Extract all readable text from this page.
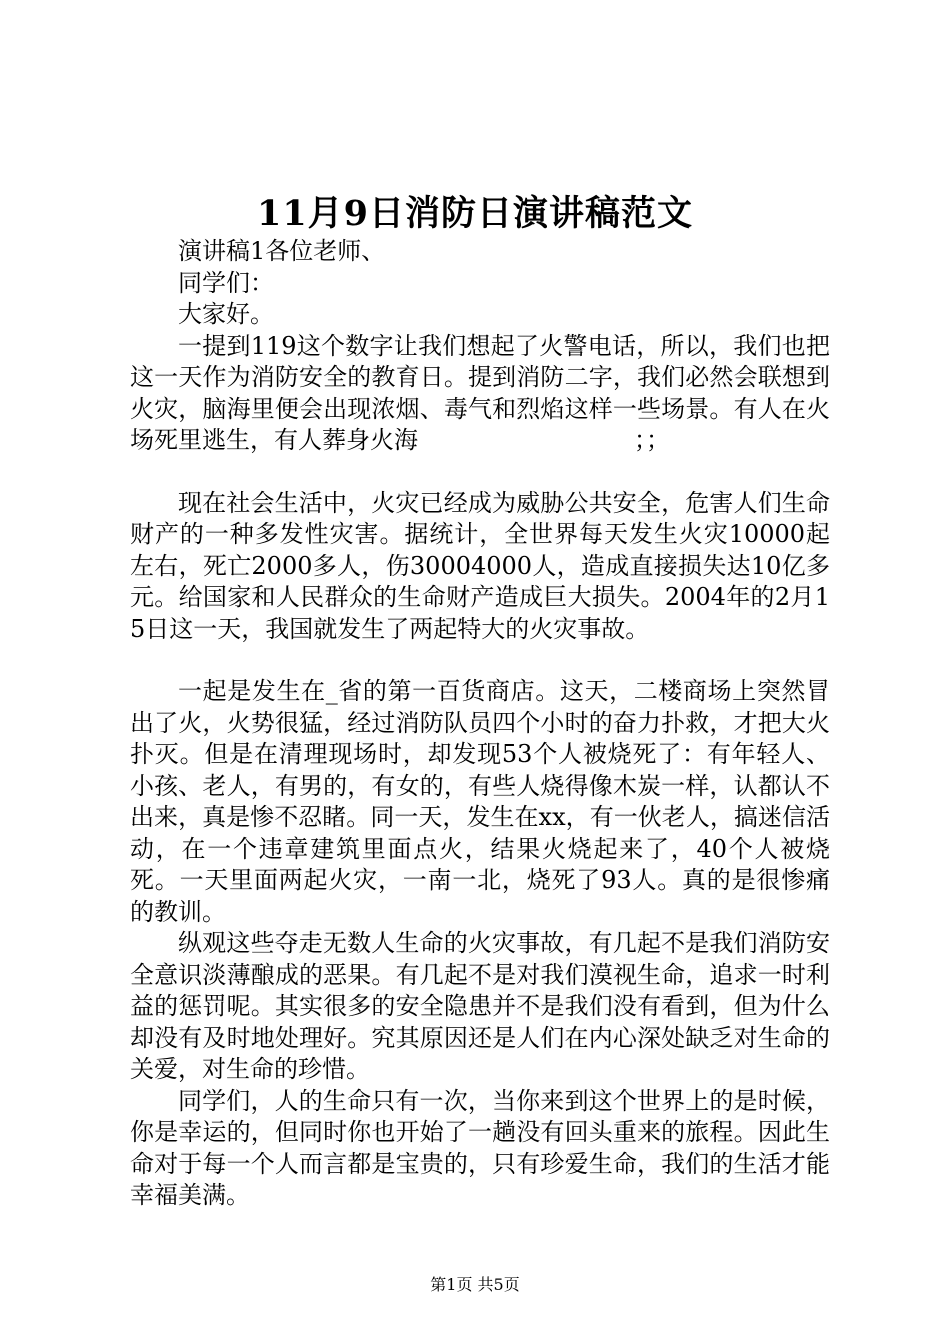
11月9日消防日演讲稿范文

演讲稿1各位老师、

同学们：

大家好。

一提到119这个数字让我们想起了火警电话，所以，我们也把这一天作为消防安全的教育日。提到消防二字，我们必然会联想到火灾，脑海里便会出现浓烟、毒气和烈焰这样一些场景。有人在火场死里逃生，有人葬身火海　　　　　　　　　；；

现在社会生活中，火灾已经成为威胁公共安全，危害人们生命财产的一种多发性灾害。据统计，全世界每天发生火灾10000起左右，死亡2000多人，伤30004000人，造成直接损失达10亿多元。给国家和人民群众的生命财产造成巨大损失。2004年的2月15日这一天，我国就发生了两起特大的火灾事故。

一起是发生在_省的第一百货商店。这天，二楼商场上突然冒出了火，火势很猛，经过消防队员四个小时的奋力扑救，才把大火扑灭。但是在清理现场时，却发现53个人被烧死了：有年轻人、小孩、老人，有男的，有女的，有些人烧得像木炭一样，认都认不出来，真是惨不忍睹。同一天，发生在xx，有一伙老人，搞迷信活动，在一个违章建筑里面点火，结果火烧起来了，40个人被烧死。一天里面两起火灾，一南一北，烧死了93人。真的是很惨痛的教训。

纵观这些夺走无数人生命的火灾事故，有几起不是我们消防安全意识淡薄酿成的恶果。有几起不是对我们漠视生命，追求一时利益的惩罚呢。其实很多的安全隐患并不是我们没有看到，但为什么却没有及时地处理好。究其原因还是人们在内心深处缺乏对生命的关爱，对生命的珍惜。

同学们，人的生命只有一次，当你来到这个世界上的是时候，你是幸运的，但同时你也开始了一趟没有回头重来的旅程。因此生命对于每一个人而言都是宝贵的，只有珍爱生命，我们的生活才能幸福美满。

第1页 共5页
